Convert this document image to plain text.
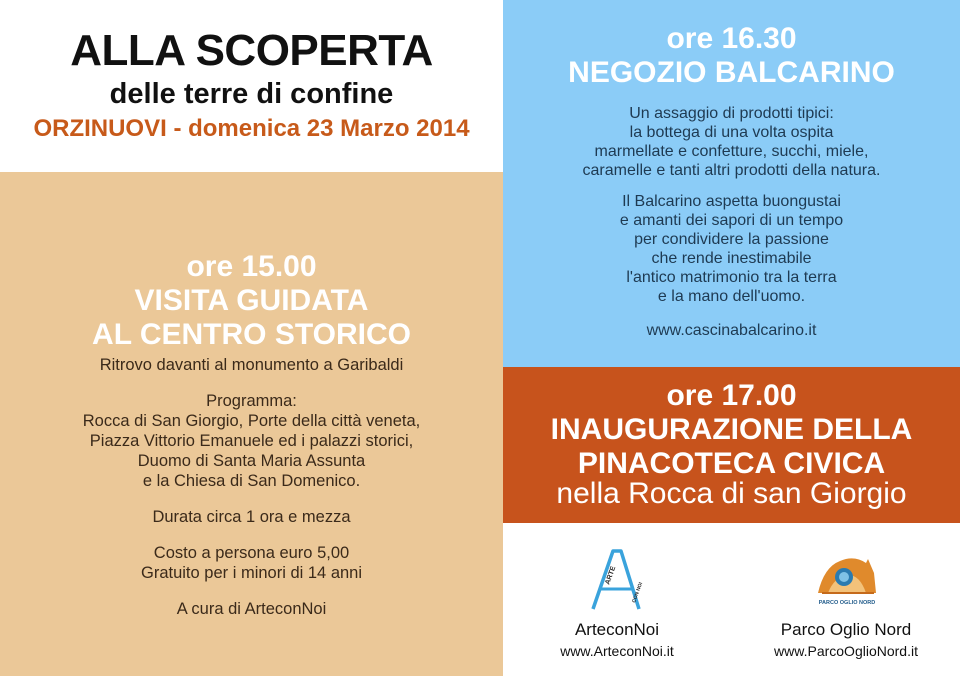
ALLA SCOPERTA
delle terre di confine
ORZINUOVI - domenica 23 Marzo 2014
ore 15.00
VISITA GUIDATA
AL CENTRO STORICO

Ritrovo davanti al monumento a Garibaldi

Programma:
Rocca di San Giorgio, Porte della città veneta,
Piazza Vittorio Emanuele ed i palazzi storici,
Duomo di Santa Maria Assunta
e la Chiesa di San Domenico.

Durata circa 1 ora e mezza

Costo a persona euro 5,00
Gratuito per i minori di 14 anni

A cura di ArteconNoi

ore 16.30
NEGOZIO BALCARINO

Un assaggio di prodotti tipici:
la bottega di una volta ospita
marmellate e confetture, succhi, miele,
caramelle e tanti altri prodotti della natura.

Il Balcarino aspetta buongustai
e amanti dei sapori di un tempo
per condividere la passione
che rende inestimabile
l'antico matrimonio tra la terra
e la mano dell'uomo.

www.cascinabalcarino.it
ore 17.00
INAUGURAZIONE DELLA
PINACOTECA CIVICA
nella Rocca di san Giorgio
ARTE
CON NOI
ArteconNoi
www.ArteconNoi.it
PARCO OGLIO NORD
Parco Oglio Nord
www.ParcoOglioNord.it
